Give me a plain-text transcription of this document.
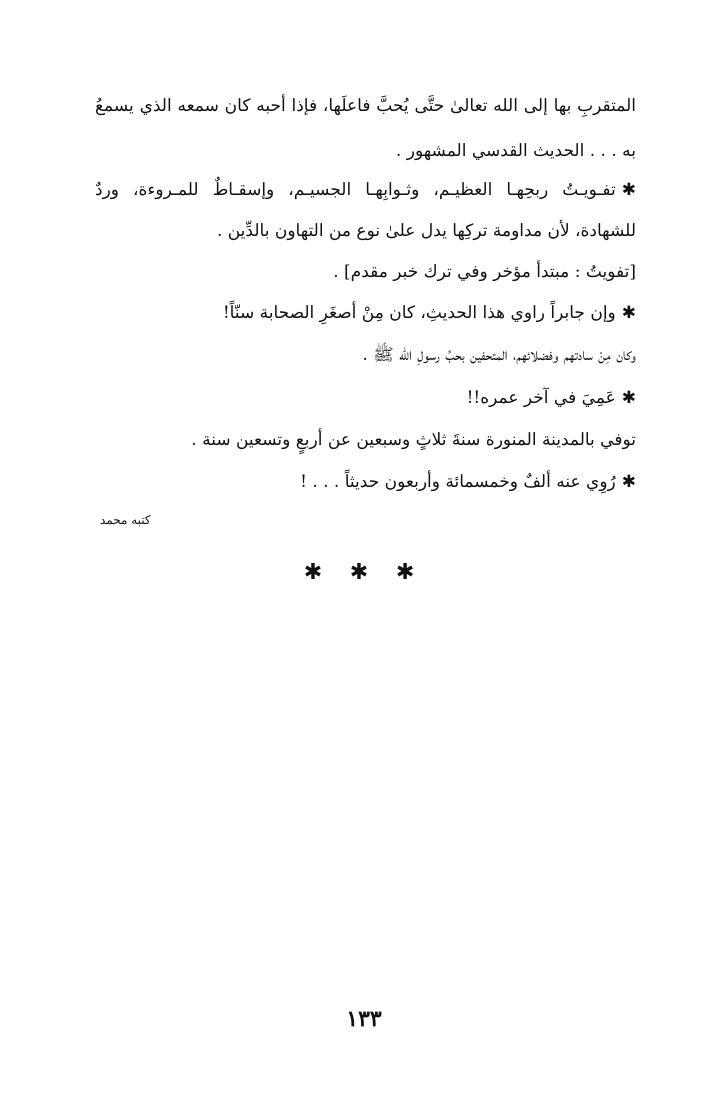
المتقربِ بها إلى الله تعالىٰ حتَّى يُحبَّ فاعلَها، فإذا أحبه كان سمعه الذي يسمعُ
به . . . الحديث القدسي المشهور .
✱تفـويـتُ ربحِهـا العظيـم، وثـوابِهـا الجسيـم، وإسقـاطٌ للمـروءة، وردٌ
للشهادة، لأن مداومة تركِها يدل علىٰ نوع من التهاون بالدِّين .
[تفويتُ : مبتدأ مؤخر وفي ترك خبر مقدم] .
✱وإن جابراً راوي هذا الحديثِ، كان مِنْ أصغَرِ الصحابة سنّاً!
وكان مِنْ سادتهم وفضلائهم، المتحفين بحبِّ رسولِ الله ﷺ .
✱عَمِيَ في آخر عمره!!
توفي بالمدينة المنورة سنةَ ثلاثٍ وسبعين عن أربعٍ وتسعين سنة .
✱رُوِي عنه ألفٌ وخمسمائة وأربعون حديثاً . . . !
كتبه محمد
✱ ✱ ✱
١٣٣
